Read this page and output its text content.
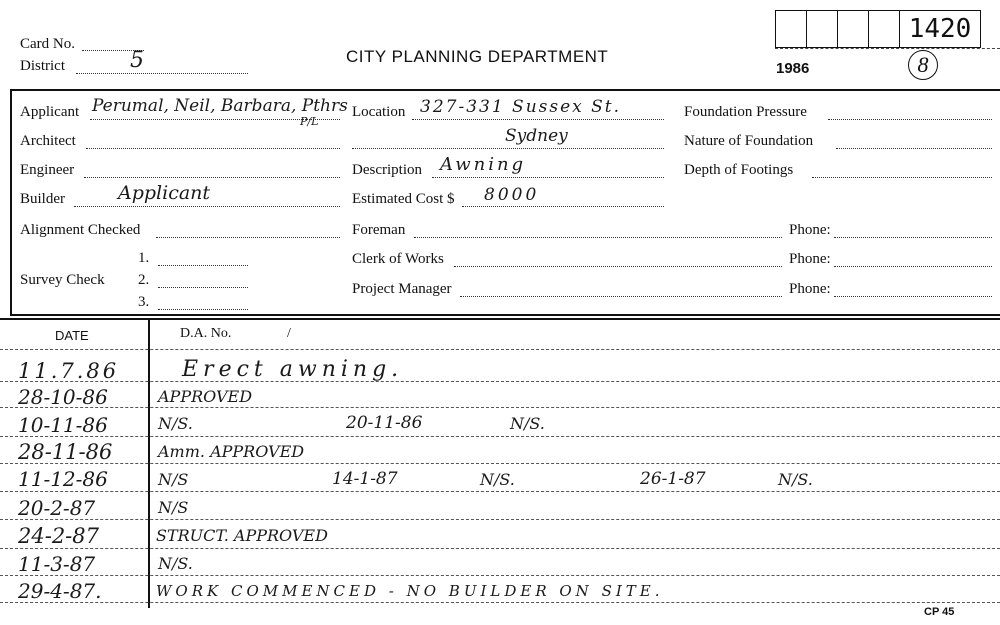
Card No.
District	5	CITY PLANNING DEPARTMENT
1986
1420
8
Applicant Perumal, Neil, Barbara, Pthrs
P/L
Architect
Engineer
Builder	Applicant
Alignment Checked
Survey Check
1.
2.
3.
Location 327-331 Sussex St.
Sydney
Description Awning
Estimated Cost $ 8000
Foreman	Phone:
Clerk of Works	Phone:
Project Manager	Phone:
Foundation Pressure
Nature of Foundation
Depth of Footings
DATE	D.A. No.	/
11.7.86	Erect awning.
28-10-86	APPROVED
10-11-86	N/S.	20-11-86	N/S.
28-11-86	Amm. APPROVED
11-12-86	N/S	14-1-87	N/S.	26-1-87	N/S.
20-2-87	N/S
24-2-87	STRUCT. APPROVED
11-3-87	N/S.
29-4-87.	WORK COMMENCED - NO BUILDER ON SITE.
CP 45
